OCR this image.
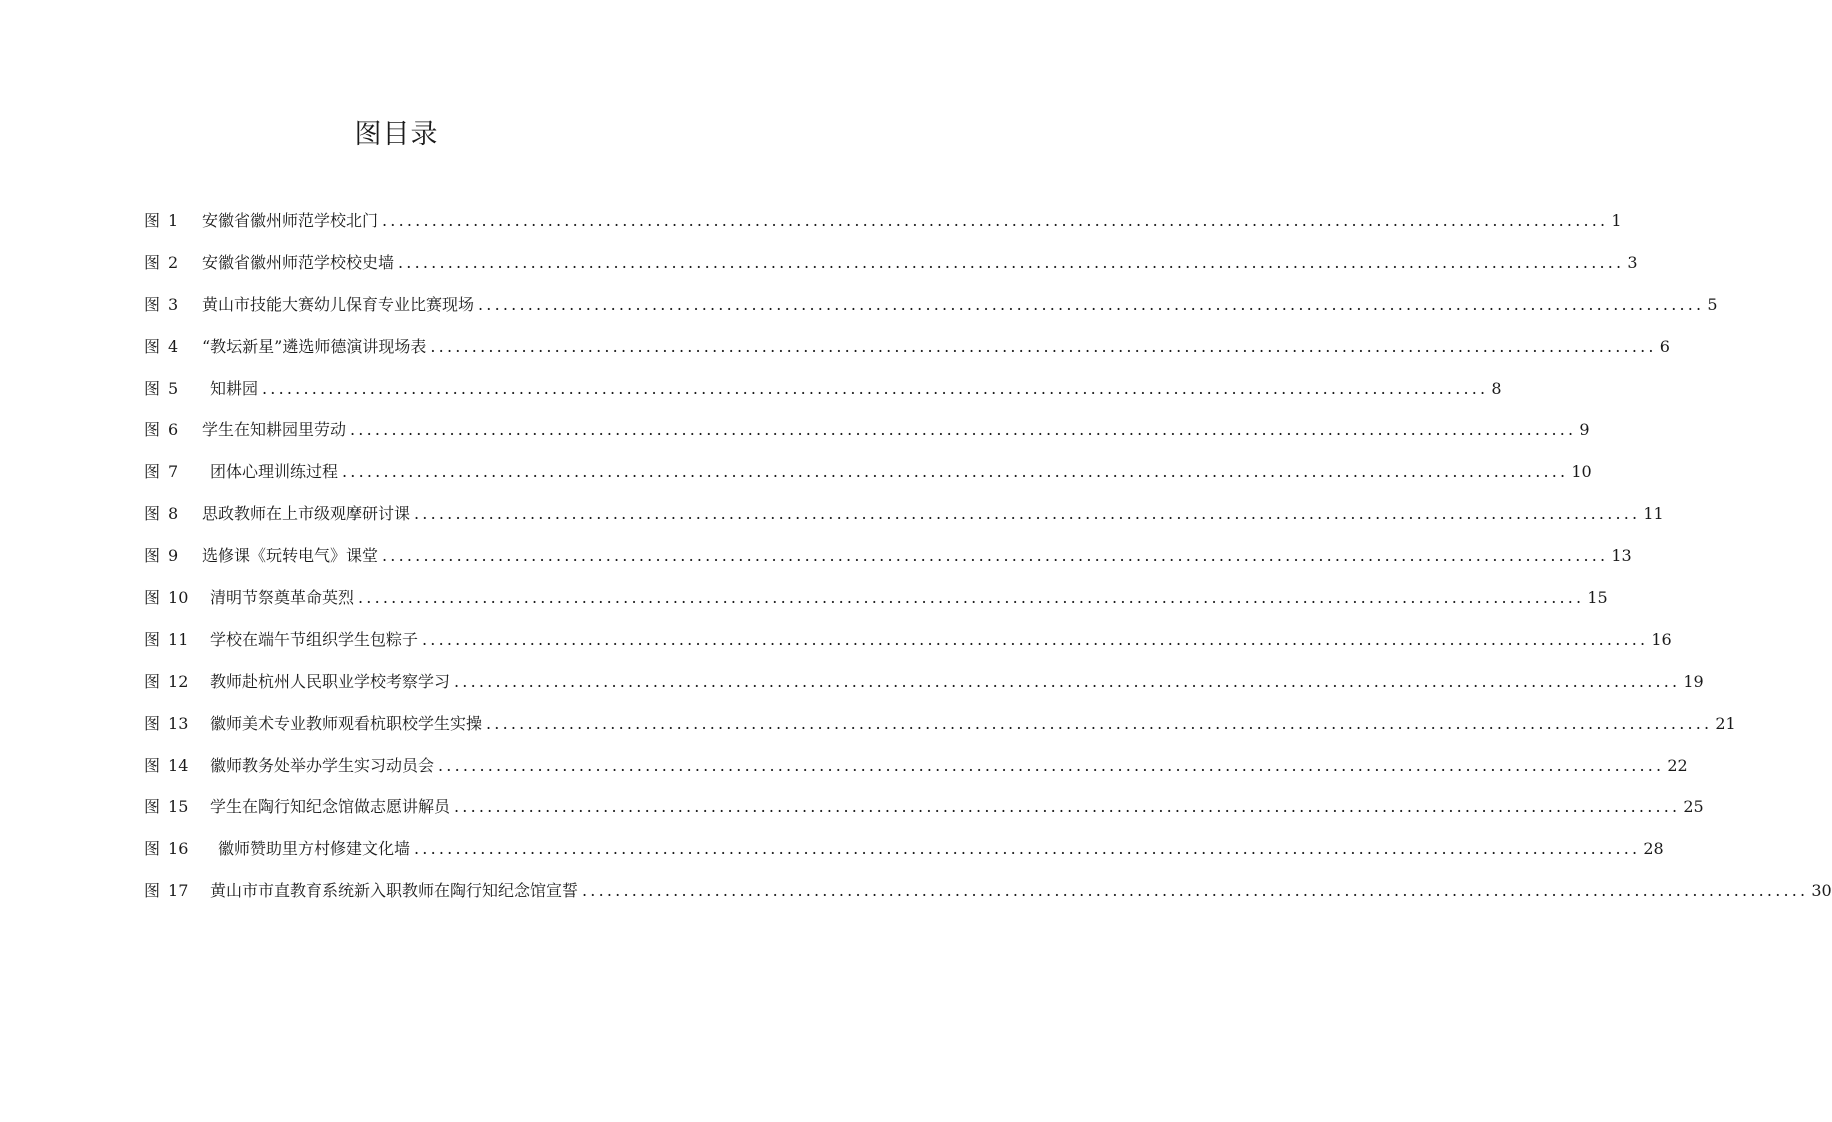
图目录
图 1	安徽省徽州师范学校北门 .....	1
图 2	安徽省徽州师范学校校史墙 .....	3
图 3	黄山市技能大赛幼儿保育专业比赛现场 .....	5
图 4	“教坛新星”遴选师德演讲现场表 .....	6
图 5	知耕园 .....	8
图 6	学生在知耕园里劳动 .....	9
图 7	团体心理训练过程 .....	10
图 8	思政教师在上市级观摩研讨课 .....	11
图 9	选修课《玩转电气》课堂 .....	13
图 10	清明节祭奠革命英烈 .....	15
图 11	学校在端午节组织学生包粽子 .....	16
图 12	教师赴杭州人民职业学校考察学习 .....	19
图 13	徽师美术专业教师观看杭职校学生实操 .....	21
图 14	徽师教务处举办学生实习动员会 .....	22
图 15	学生在陶行知纪念馆做志愿讲解员 .....	25
图 16	徽师赞助里方村修建文化墙 .....	28
图 17	黄山市市直教育系统新入职教师在陶行知纪念馆宣誓 .....	30
